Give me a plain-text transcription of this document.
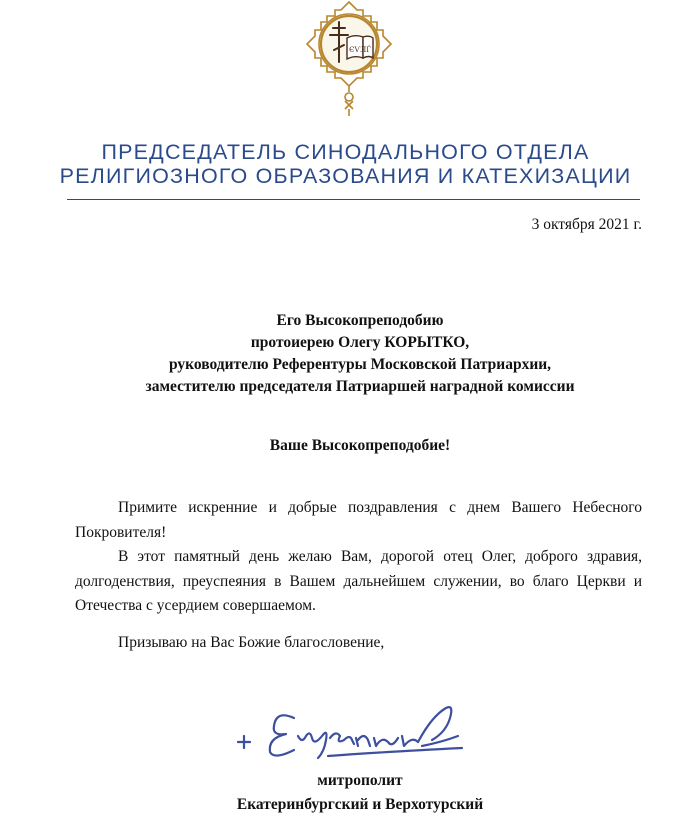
ЄѴЛЃ
ПРЕДСЕДАТЕЛЬ СИНОДАЛЬНОГО ОТДЕЛА
РЕЛИГИОЗНОГО ОБРАЗОВАНИЯ И КАТЕХИЗАЦИИ
3 октября 2021 г.
Его Высокопреподобию
протоиерею Олегу КОРЫТКО,
руководителю Референтуры Московской Патриархии,
заместителю председателя Патриаршей наградной комиссии
Ваше Высокопреподобие!

Примите искренние и добрые поздравления с днем Вашего Небесного Покровителя!

В этот памятный день желаю Вам, дорогой отец Олег, доброго здравия, долгоденствия, преуспеяния в Вашем дальнейшем служении, во благо Церкви и Отечества с усердием совершаемом.

Призываю на Вас Божие благословение,
митрополит
Екатеринбургский и Верхотурский
